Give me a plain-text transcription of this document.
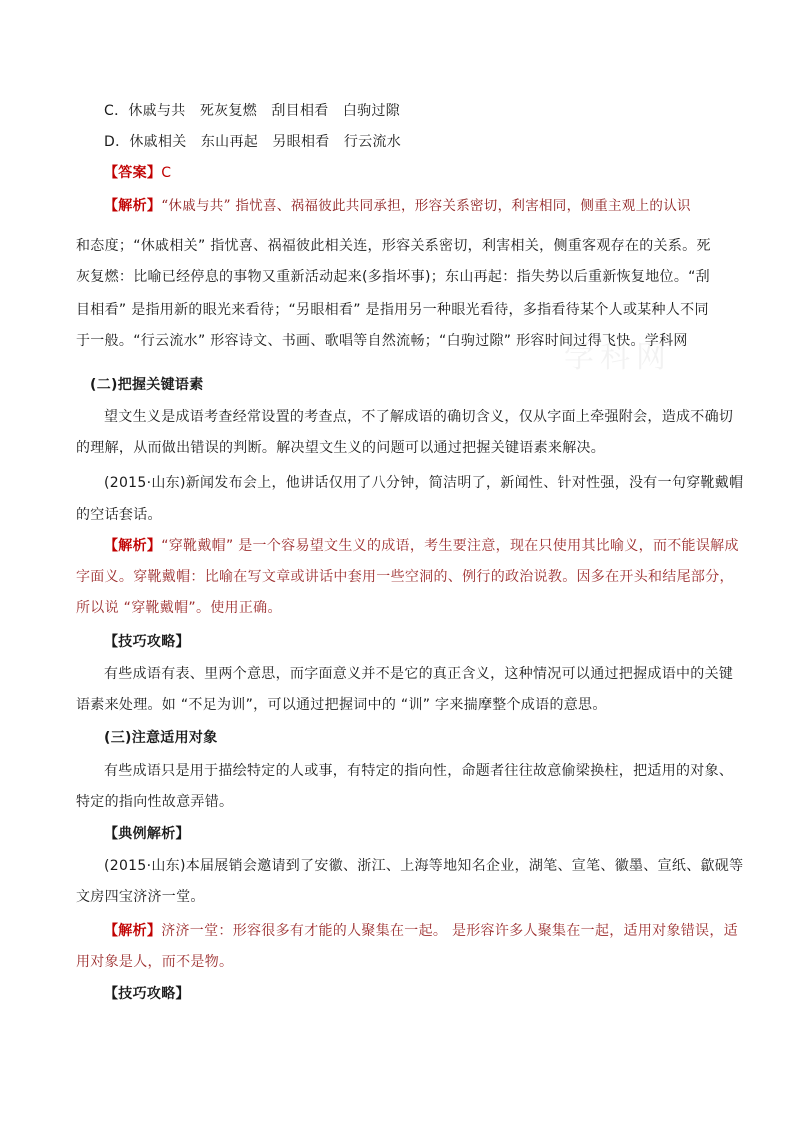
学科网
C．休戚与共　死灰复燃　刮目相看　白驹过隙
D．休戚相关　东山再起　另眼相看　行云流水
【答案】C
【解析】“休戚与共” 指忧喜、祸福彼此共同承担，形容关系密切，利害相同，侧重主观上的认识
和态度；“休戚相关” 指忧喜、祸福彼此相关连，形容关系密切，利害相关，侧重客观存在的关系。死
灰复燃：比喻已经停息的事物又重新活动起来(多指坏事)；东山再起：指失势以后重新恢复地位。“刮
目相看” 是指用新的眼光来看待；“另眼相看” 是指用另一种眼光看待，多指看待某个人或某种人不同
于一般。“行云流水” 形容诗文、书画、歌唱等自然流畅；“白驹过隙” 形容时间过得飞快。学科网
(二)把握关键语素
望文生义是成语考查经常设置的考查点，不了解成语的确切含义，仅从字面上牵强附会，造成不确切
的理解，从而做出错误的判断。解决望文生义的问题可以通过把握关键语素来解决。
(2015·山东)新闻发布会上，他讲话仅用了八分钟，简洁明了，新闻性、针对性强，没有一句穿靴戴帽
的空话套话。
【解析】“穿靴戴帽” 是一个容易望文生义的成语，考生要注意，现在只使用其比喻义，而不能误解成
字面义。穿靴戴帽：比喻在写文章或讲话中套用一些空洞的、例行的政治说教。因多在开头和结尾部分，
所以说 “穿靴戴帽”。使用正确。
【技巧攻略】
有些成语有表、里两个意思，而字面意义并不是它的真正含义，这种情况可以通过把握成语中的关键
语素来处理。如 “不足为训”，可以通过把握词中的 “训” 字来揣摩整个成语的意思。
(三)注意适用对象
有些成语只是用于描绘特定的人或事，有特定的指向性，命题者往往故意偷梁换柱，把适用的对象、
特定的指向性故意弄错。
【典例解析】
(2015·山东)本届展销会邀请到了安徽、浙江、上海等地知名企业，湖笔、宣笔、徽墨、宣纸、歙砚等
文房四宝济济一堂。
【解析】济济一堂：形容很多有才能的人聚集在一起。 是形容许多人聚集在一起，适用对象错误，适
用对象是人，而不是物。
【技巧攻略】
